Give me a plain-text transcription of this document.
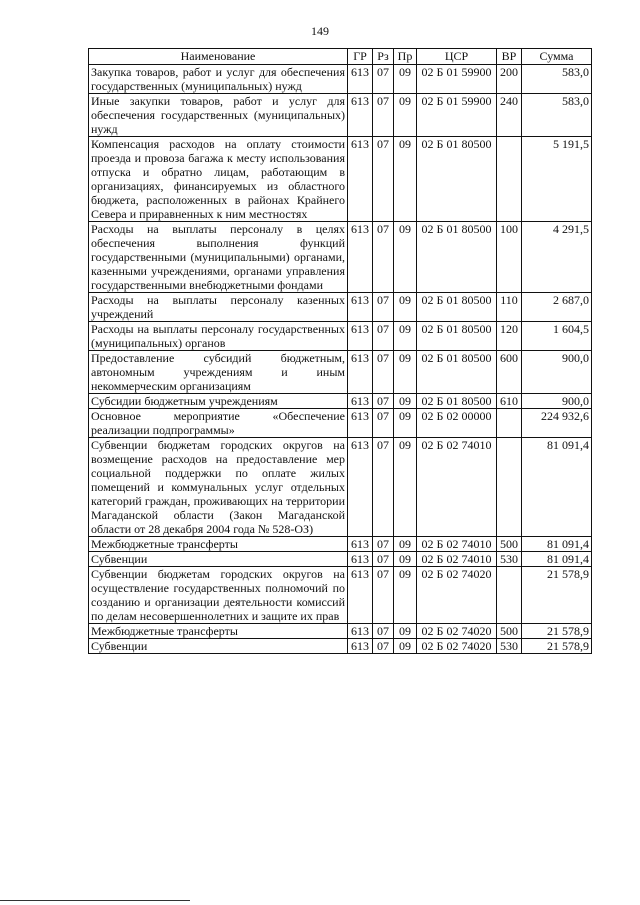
149
Наименование	ГР	Рз	Пр	ЦСР	ВР	Сумма
Закупка товаров, работ и услуг для обеспечения государственных (муниципальных) нужд	613	07	09	02 Б 01 59900	200	583,0
Иные закупки товаров, работ и услуг для обеспечения государственных (муниципальных) нужд	613	07	09	02 Б 01 59900	240	583,0
Компенсация расходов на оплату стоимости проезда и провоза багажа к месту использования отпуска и обратно лицам, работающим в организациях, финансируемых из областного бюджета, расположенных в районах Крайнего Севера и приравненных к ним местностях	613	07	09	02 Б 01 80500		5 191,5
Расходы на выплаты персоналу в целях обеспечения выполнения функций государственными (муниципальными) органами, казенными учреждениями, органами управления государственными внебюджетными фондами	613	07	09	02 Б 01 80500	100	4 291,5
Расходы на выплаты персоналу казенных учреждений	613	07	09	02 Б 01 80500	110	2 687,0
Расходы на выплаты персоналу государственных (муниципальных) органов	613	07	09	02 Б 01 80500	120	1 604,5
Предоставление субсидий бюджетным, автономным учреждениям и иным некоммерческим организациям	613	07	09	02 Б 01 80500	600	900,0
Субсидии бюджетным учреждениям	613	07	09	02 Б 01 80500	610	900,0
Основное мероприятие «Обеспечение реализации подпрограммы»	613	07	09	02 Б 02 00000		224 932,6
Субвенции бюджетам городских округов на возмещение расходов на предоставление мер социальной поддержки по оплате жилых помещений и коммунальных услуг отдельных категорий граждан, проживающих на территории Магаданской области (Закон Магаданской области от 28 декабря 2004 года № 528-ОЗ)	613	07	09	02 Б 02 74010		81 091,4
Межбюджетные трансферты	613	07	09	02 Б 02 74010	500	81 091,4
Субвенции	613	07	09	02 Б 02 74010	530	81 091,4
Субвенции бюджетам городских округов на осуществление государственных полномочий по созданию и организации деятельности комиссий по делам несовершеннолетних и защите их прав	613	07	09	02 Б 02 74020		21 578,9
Межбюджетные трансферты	613	07	09	02 Б 02 74020	500	21 578,9
Субвенции	613	07	09	02 Б 02 74020	530	21 578,9
